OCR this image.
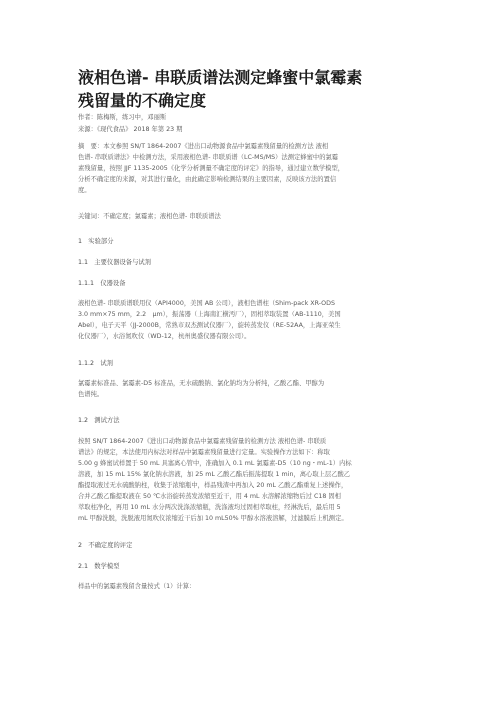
液相色谱- 串联质谱法测定蜂蜜中氯霉素
残留量的不确定度
作者：陈梅斯，练习中，邓丽斯
来源：《现代食品》 2018 年第 23 期
摘　要：本文参照 SN/T 1864-2007《进出口动物源食品中氯霉素残留量的检测方法 液相
色谱- 串联质谱法》中检测方法，采用液相色谱- 串联质谱（LC-MS/MS）法测定蜂蜜中的氯霉
素残留量，按照 JJF 1135-2005《化学分析测量不确定度的评定》的指导，通过建立数学模型，
分析不确定度的来源，对其进行量化，由此确定影响检测结果的主要因素，反映该方法的置信
度。
关键词：不确定度；氯霉素；液相色谱- 串联质谱法
1　实验部分
1.1　主要仪器设备与试剂
1.1.1　仪器设备
液相色谱- 串联质谱联用仪（API4000，美国 AB 公司），液相色谱柱（Shim-pack XR-ODS
3.0 mm×75 mm，2.2　μm），振荡器（上海南汇横沔厂），固相萃取装置（AB-1110，美国
Abel），电子天平（JJ-2000B，常熟市双杰测试仪器厂），旋转蒸发仪（RE-52AA，上海亚荣生
化仪器厂），水浴氮吹仪（WD-12，杭州奥盛仪器有限公司）。
1.1.2　试剂
氯霉素标准品、氯霉素-D5 标准品，无水硫酸钠、氯化钠均为分析纯，乙酸乙酯、甲醇为
色谱纯。
1.2　测试方法
按照 SN/T 1864-2007《进出口动物源食品中氯霉素残留量的检测方法 液相色谱- 串联质
谱法》的规定，本法使用内标法对样品中氯霉素残留量进行定量。实验操作方法如下：称取
5.00 g 蜂蜜试样置于 50 mL 具塞离心管中，准确加入 0.1 mL 氯霉素-D5（10 ng・mL-1）内标
溶液，加 15 mL 15% 氯化钠水溶液，加 25 mL 乙酸乙酯后振荡提取 1 min，离心取上层乙酸乙
酯提取液过无水硫酸钠柱，收集于浓缩瓶中，样品残渣中再加入 20 mL 乙酸乙酯重复上述操作，
合并乙酸乙酯提取液在 50 ℃水浴旋转蒸发浓缩至近干，用 4 mL 水溶解浓缩物后过 C18 固相
萃取柱净化，再用 10 mL 水分两次洗涤浓缩瓶，洗涤液均过固相萃取柱，经淋洗后，最后用 5
mL 甲醇洗脱，洗脱液用氮吹仪浓缩近干后加 10 mL50% 甲醇水溶液溶解，过滤膜后上机测定。
2　不确定度的评定
2.1　数学模型
样品中的氯霉素残留含量按式（1）计算：
